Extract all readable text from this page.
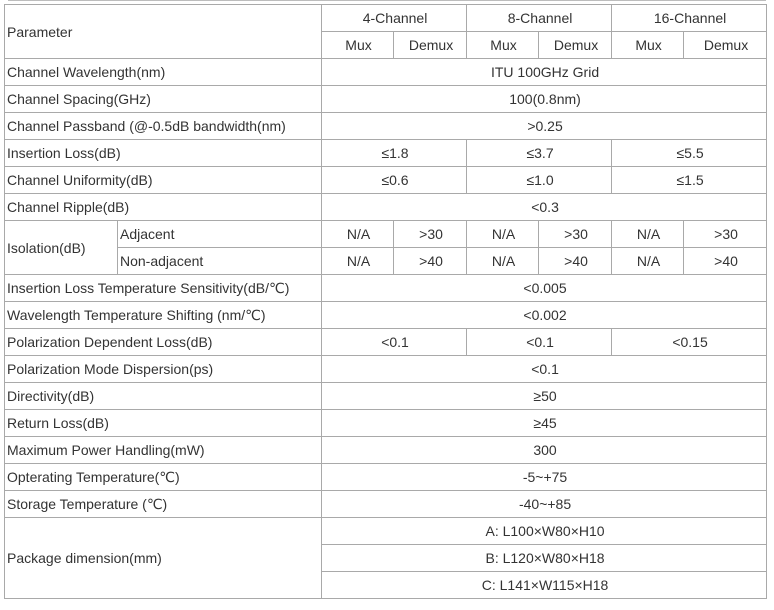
Parameter		4-Channel		8-Channel		16-Channel	
		Mux	Demux	Mux	Demux	Mux	Demux
Channel Wavelength(nm)		ITU 100GHz Grid					
Channel Spacing(GHz)		100(0.8nm)					
Channel Passband (@-0.5dB bandwidth(nm)		>0.25					
Insertion Loss(dB)		≤1.8		≤3.7		≤5.5	
Channel Uniformity(dB)		≤0.6		≤1.0		≤1.5	
Channel Ripple(dB)		<0.3					
Isolation(dB)	Adjacent	N/A	>30	N/A	>30	N/A	>30
	Non-adjacent	N/A	>40	N/A	>40	N/A	>40
Insertion Loss Temperature Sensitivity(dB/℃)		<0.005					
Wavelength Temperature Shifting (nm/℃)		<0.002					
Polarization Dependent Loss(dB)		<0.1		<0.1		<0.15	
Polarization Mode Dispersion(ps)		<0.1					
Directivity(dB)		≥50					
Return Loss(dB)		≥45					
Maximum Power Handling(mW)		300					
Opterating Temperature(℃)		-5~+75					
Storage Temperature (℃)		-40~+85					
Package dimension(mm)		A: L100×W80×H10					
		B: L120×W80×H18					
		C: L141×W115×H18					
